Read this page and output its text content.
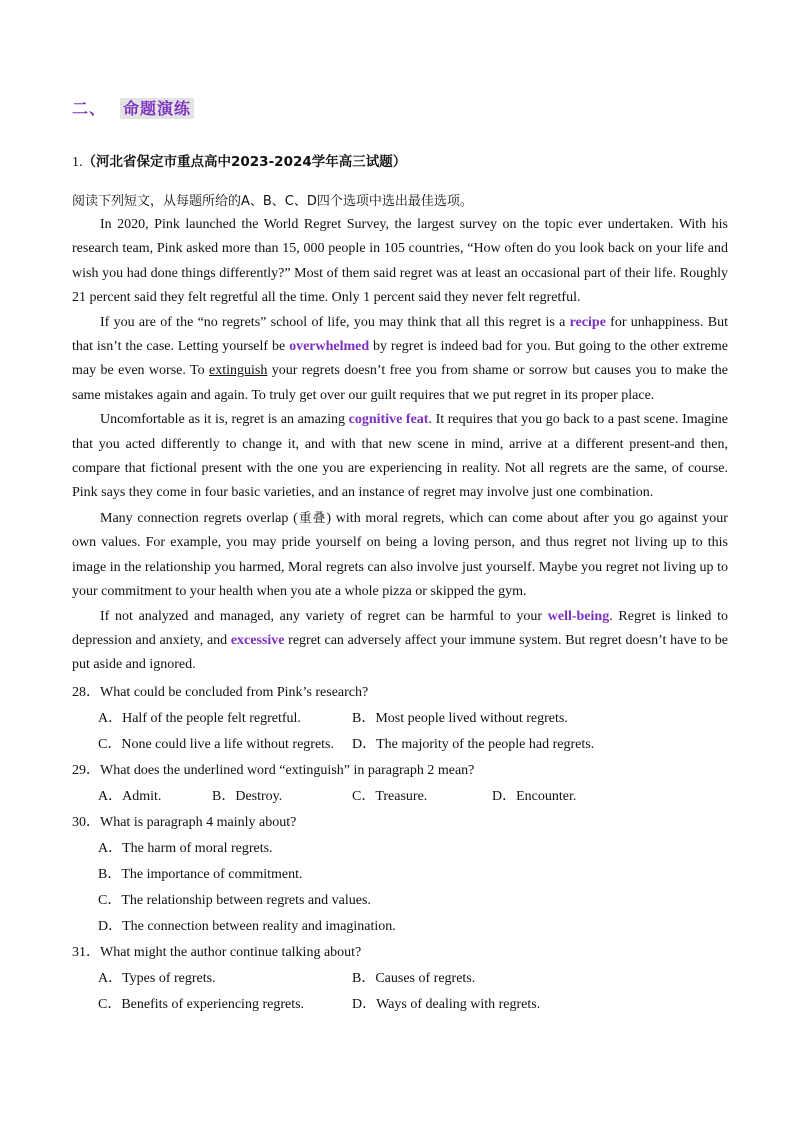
二、 命题演练
1.（河北省保定市重点高中2023-2024学年高三试题）
阅读下列短文，从每题所给的A、B、C、D四个选项中选出最佳选项。

In 2020, Pink launched the World Regret Survey, the largest survey on the topic ever undertaken. With his research team, Pink asked more than 15, 000 people in 105 countries, “How often do you look back on your life and wish you had done things differently?” Most of them said regret was at least an occasional part of their life. Roughly 21 percent said they felt regretful all the time. Only 1 percent said they never felt regretful.

If you are of the “no regrets” school of life, you may think that all this regret is a recipe for unhappiness. But that isn’t the case. Letting yourself be overwhelmed by regret is indeed bad for you. But going to the other extreme may be even worse. To extinguish your regrets doesn’t free you from shame or sorrow but causes you to make the same mistakes again and again. To truly get over our guilt requires that we put regret in its proper place.

Uncomfortable as it is, regret is an amazing cognitive feat. It requires that you go back to a past scene. Imagine that you acted differently to change it, and with that new scene in mind, arrive at a different present-and then, compare that fictional present with the one you are experiencing in reality. Not all regrets are the same, of course. Pink says they come in four basic varieties, and an instance of regret may involve just one combination.

Many connection regrets overlap (重叠) with moral regrets, which can come about after you go against your own values. For example, you may pride yourself on being a loving person, and thus regret not living up to this image in the relationship you harmed, Moral regrets can also involve just yourself. Maybe you regret not living up to your commitment to your health when you ate a whole pizza or skipped the gym.

If not analyzed and managed, any variety of regret can be harmful to your well-being. Regret is linked to depression and anxiety, and excessive regret can adversely affect your immune system. But regret doesn’t have to be put aside and ignored.

28．What could be concluded from Pink’s research?
A．Half of the people felt regretful.	B．Most people lived without regrets.
C．None could live a life without regrets. D．The majority of the people had regrets.
29．What does the underlined word “extinguish” in paragraph 2 mean?
A．Admit.	B．Destroy.	C．Treasure.	D．Encounter.
30．What is paragraph 4 mainly about?
A．The harm of moral regrets.
B．The importance of commitment.
C．The relationship between regrets and values.
D．The connection between reality and imagination.
31．What might the author continue talking about?
A．Types of regrets.	B．Causes of regrets.
C．Benefits of experiencing regrets.	D．Ways of dealing with regrets.
